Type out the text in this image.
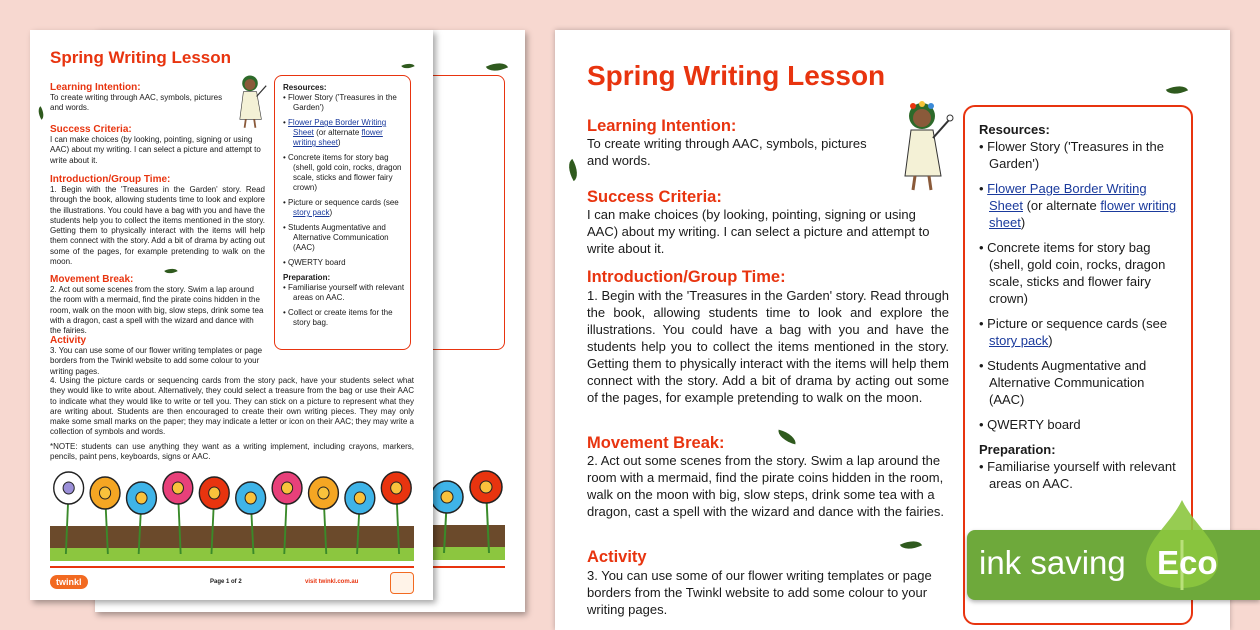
Spring Writing Lesson
Learning Intention:
To create writing through AAC, symbols, pictures and words.
Success Criteria:
I can make choices (by looking, pointing, signing or using AAC) about my writing. I can select a picture and attempt to write about it.
Introduction/Group Time:
1. Begin with the 'Treasures in the Garden' story. Read through the book, allowing students time to look and explore the illustrations. You could have a bag with you and have the students help you to collect the items mentioned in the story. Getting them to physically interact with the items will help them connect with the story. Add a bit of drama by acting out some of the pages, for example pretending to walk on the moon.
Movement Break:
2. Act out some scenes from the story. Swim a lap around the room with a mermaid, find the pirate coins hidden in the room, walk on the moon with big, slow steps, drink some tea with a dragon, cast a spell with the wizard and dance with the fairies.
Activity
3. You can use some of our flower writing templates or page borders from the Twinkl website to add some colour to your writing pages.
4. Using the picture cards or sequencing cards from the story pack, have your students select what they would like to write about. Alternatively, they could select a treasure from the bag or use their AAC to indicate what they would like to write or tell you. They can stick on a picture to represent what they are writing about. Students are then encouraged to create their own writing pieces. They may only make some small marks on the paper; they may indicate a letter or icon on their AAC; they may write a collection of symbols and words.
*NOTE: students can use anything they want as a writing implement, including crayons, markers, pencils, paint pens, keyboards, signs or AAC.
Resources:
• Flower Story ('Treasures in the Garden')
• Flower Page Border Writing Sheet (or alternate flower writing sheet)
• Concrete items for story bag (shell, gold coin, rocks, dragon scale, sticks and flower fairy crown)
• Picture or sequence cards (see story pack)
• Students Augmentative and Alternative Communication (AAC)
• QWERTY board
Preparation:
• Familiarise yourself with relevant areas on AAC.
• Collect or create items for the story bag.
twinkl	Page 1 of 2	visit twinkl.com.au
Spring Writing Lesson
Learning Intention:
To create writing through AAC, symbols, pictures and words.
Success Criteria:
I can make choices (by looking, pointing, signing or using AAC) about my writing. I can select a picture and attempt to write about it.
Introduction/Group Time:
1. Begin with the 'Treasures in the Garden' story. Read through the book, allowing students time to look and explore the illustrations. You could have a bag with you and have the students help you to collect the items mentioned in the story. Getting them to physically interact with the items will help them connect with the story. Add a bit of drama by acting out some of the pages, for example pretending to walk on the moon.
Movement Break:
2. Act out some scenes from the story. Swim a lap around the room with a mermaid, find the pirate coins hidden in the room, walk on the moon with big, slow steps, drink some tea with a dragon, cast a spell with the wizard and dance with the fairies.
Activity
3. You can use some of our flower writing templates or page borders from the Twinkl website to add some colour to your writing pages.
Resources:
• Flower Story ('Treasures in the Garden')
• Flower Page Border Writing Sheet (or alternate flower writing sheet)
• Concrete items for story bag (shell, gold coin, rocks, dragon scale, sticks and flower fairy crown)
• Picture or sequence cards (see story pack)
• Students Augmentative and Alternative Communication (AAC)
• QWERTY board
Preparation:
• Familiarise yourself with relevant areas on AAC.
ink saving Eco
